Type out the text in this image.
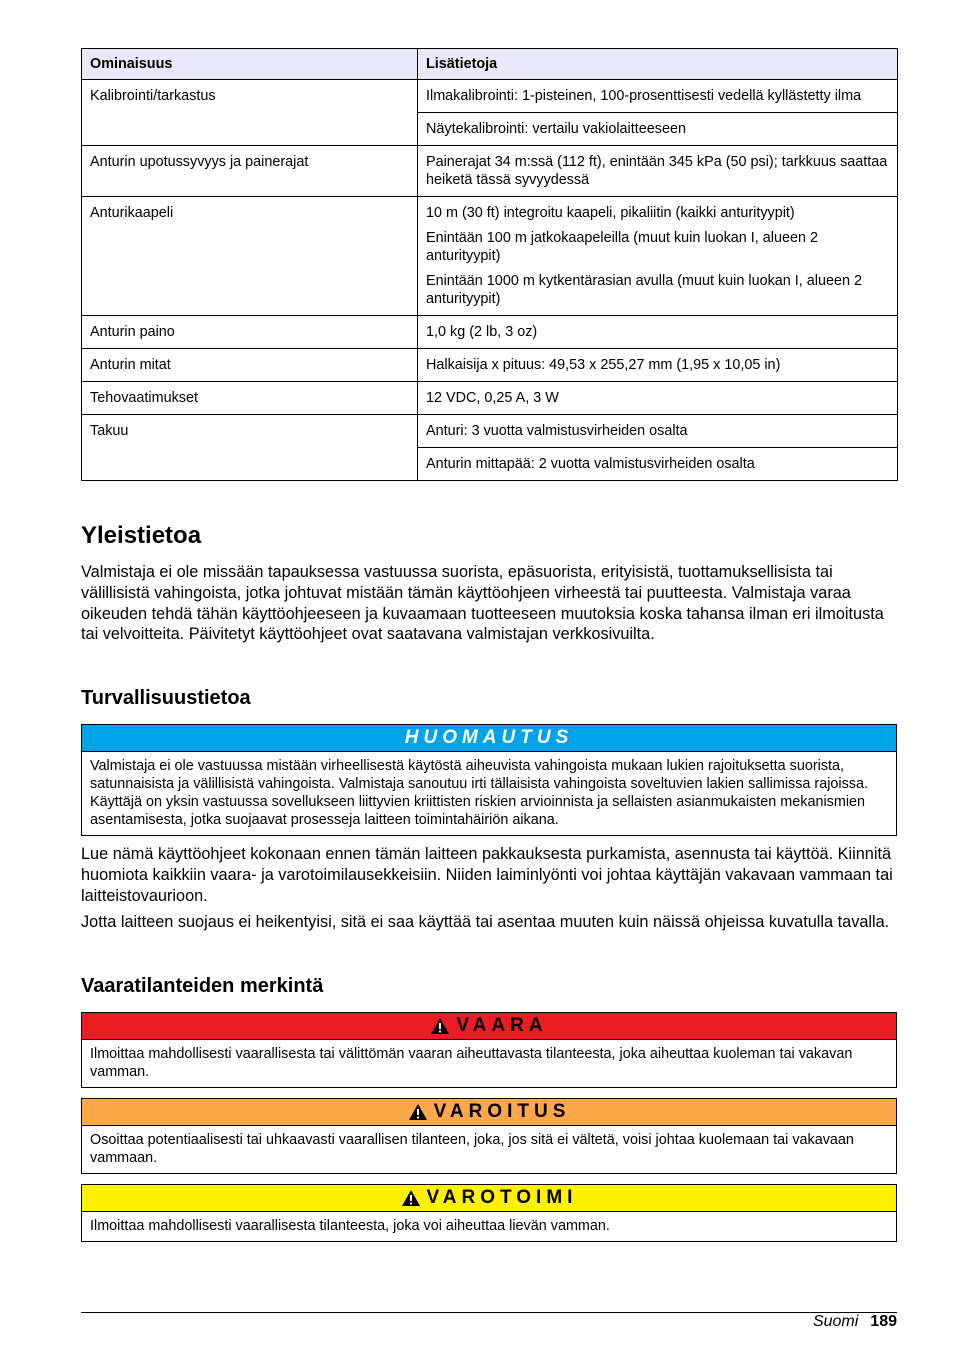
Ominaisuus	Lisätietoja
Kalibrointi/tarkastus	Ilmakalibrointi: 1-pisteinen, 100-prosenttisesti vedellä kyllästetty ilma
	Näytekalibrointi: vertailu vakiolaitteeseen
Anturin upotussyvyys ja painerajat	Painerajat 34 m:ssä (112 ft), enintään 345 kPa (50 psi); tarkkuus saattaa heiketä tässä syvyydessä

Anturikaapeli	10 m (30 ft) integroitu kaapeli, pikaliitin (kaikki anturityypit)

Enintään 100 m jatkokaapeleilla (muut kuin luokan I, alueen 2 anturityypit)

Enintään 1000 m kytkentärasian avulla (muut kuin luokan I, alueen 2 anturityypit)

Anturin paino	1,0 kg (2 lb, 3 oz)

Anturin mitat	Halkaisija x pituus: 49,53 x 255,27 mm (1,95 x 10,05 in)

Tehovaatimukset	12 VDC, 0,25 A, 3 W

Takuu	Anturi: 3 vuotta valmistusvirheiden osalta
	Anturin mittapää: 2 vuotta valmistusvirheiden osalta
Yleistietoa

Valmistaja ei ole missään tapauksessa vastuussa suorista, epäsuorista, erityisistä, tuottamuksellisista tai välillisistä vahingoista, jotka johtuvat mistään tämän käyttöohjeen virheestä tai puutteesta. Valmistaja varaa oikeuden tehdä tähän käyttöohjeeseen ja kuvaamaan tuotteeseen muutoksia koska tahansa ilman eri ilmoitusta tai velvoitteita. Päivitetyt käyttöohjeet ovat saatavana valmistajan verkkosivuilta.

Turvallisuustietoa
HUOMAUTUS
Valmistaja ei ole vastuussa mistään virheellisestä käytöstä aiheuvista vahingoista mukaan lukien rajoituksetta suorista, satunnaisista ja välillisistä vahingoista. Valmistaja sanoutuu irti tällaisista vahingoista soveltuvien lakien sallimissa rajoissa. Käyttäjä on yksin vastuussa sovellukseen liittyvien kriittisten riskien arvioinnista ja sellaisten asianmukaisten mekanismien asentamisesta, jotka suojaavat prosesseja laitteen toimintahäiriön aikana.

Lue nämä käyttöohjeet kokonaan ennen tämän laitteen pakkauksesta purkamista, asennusta tai käyttöä. Kiinnitä huomiota kaikkiin vaara- ja varotoimilausekkeisiin. Niiden laiminlyönti voi johtaa käyttäjän vakavaan vammaan tai laitteistovaurioon.

Jotta laitteen suojaus ei heikentyisi, sitä ei saa käyttää tai asentaa muuten kuin näissä ohjeissa kuvatulla tavalla.

Vaaratilanteiden merkintä
VAARA
Ilmoittaa mahdollisesti vaarallisesta tai välittömän vaaran aiheuttavasta tilanteesta, joka aiheuttaa kuoleman tai vakavan vamman.
VAROITUS
Osoittaa potentiaalisesti tai uhkaavasti vaarallisen tilanteen, joka, jos sitä ei vältetä, voisi johtaa kuolemaan tai vakavaan vammaan.
VAROTOIMI
Ilmoittaa mahdollisesti vaarallisesta tilanteesta, joka voi aiheuttaa lievän vamman.
Suomi 189
